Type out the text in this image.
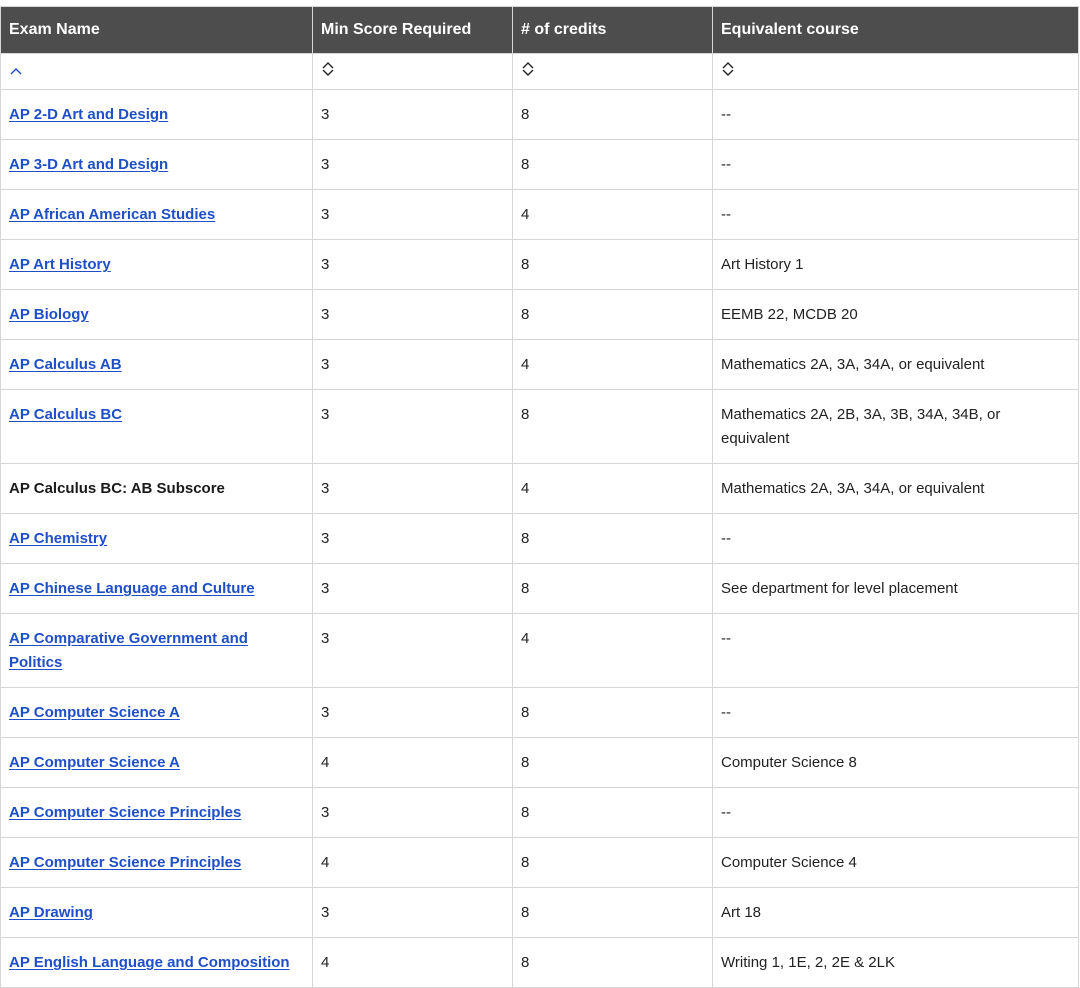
Exam Name	Min Score Required	# of credits	Equivalent course

AP 2-D Art and Design	3	8	--
AP 3-D Art and Design	3	8	--
AP African American Studies	3	4	--
AP Art History	3	8	Art History 1
AP Biology	3	8	EEMB 22, MCDB 20
AP Calculus AB	3	4	Mathematics 2A, 3A, 34A, or equivalent
AP Calculus BC	3	8	Mathematics 2A, 2B, 3A, 3B, 34A, 34B, or equivalent
AP Calculus BC: AB Subscore	3	4	Mathematics 2A, 3A, 34A, or equivalent
AP Chemistry	3	8	--
AP Chinese Language and Culture	3	8	See department for level placement
AP Comparative Government and Politics	3	4	--
AP Computer Science A	3	8	--
AP Computer Science A	4	8	Computer Science 8
AP Computer Science Principles	3	8	--
AP Computer Science Principles	4	8	Computer Science 4
AP Drawing	3	8	Art 18
AP English Language and Composition	4	8	Writing 1, 1E, 2, 2E & 2LK
